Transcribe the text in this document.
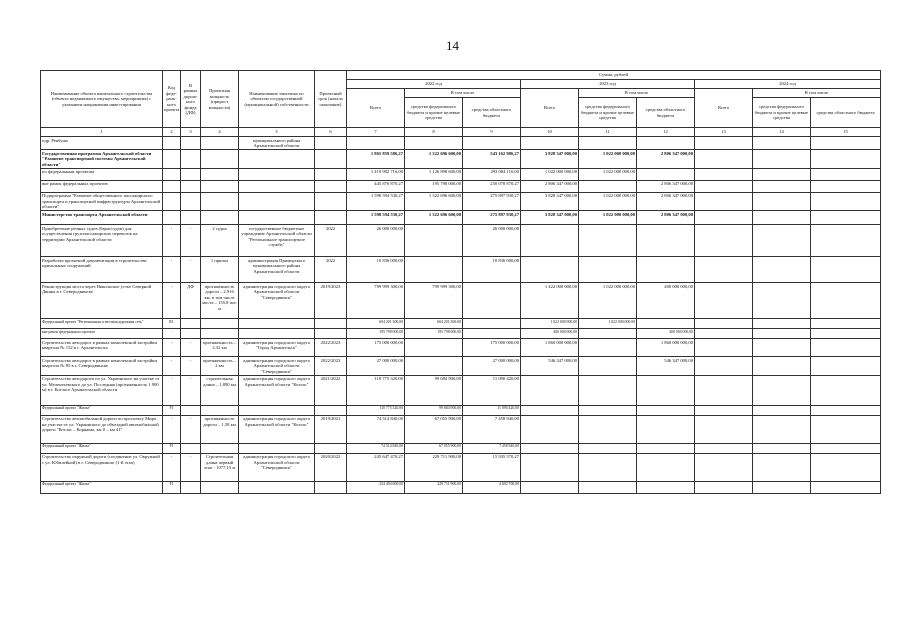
14
Наименование объекта капитального строительства (объекта недвижимого имущества, мероприятия) с указанием направления инвестирования	Код феде-раль-ного проекта	В рамках дорож-ного фонда (ДФ)	Проектная мощность (прирост мощности)	Наименование заказчика по объектам государственной (муниципальной) собственности	Проектный срок (начало окончание)	Сумма, рублей								
						2022 год			2023 год			2024 год		
						Всего	В том числе		Всего	В том числе		Всего	В том числе	
							средства федерального бюджета и прочие целевые средства	средства областного бюджета		средства федерального бюджета и прочие целевые средства	средства областного бюджета		средства федерального бюджета и прочие целевые средства	средства областного бюджета
1	2	3	4	5	6	7	8	9	10	11	12	13	14	15
пдр. Реябушо				муниципального района Архангельской области										
Государственная программа Архангельской области "Развитие транспортной системы Архангельской области"						1 865 859 586,27	1 322 696 600,00	543 162 986,27	3 828 347 000,00	1 022 000 000,00	2 806 347 000,00			
по федеральным проектам						1 419 982 716,00	1 126 898 600,00	293 084 116,00	1 022 000 000,00	1 022 000 000,00				
вне рамок федеральных проектов						445 876 870,27	195 798 000,00	250 078 870,27	2 806 347 000,00		2 806 347 000,00			
Подпрограмма "Развитие общественного пассажирского транспорта и транспортной инфраструктуры Архангельской области"						1 598 594 530,27	1 322 696 600,00	275 897 930,27	3 828 347 000,00	1 022 000 000,00	2 806 347 000,00			
Министерство транспорта Архангельской области						1 598 594 530,27	1 322 696 600,00	275 897 930,27	3 828 347 000,00	1 022 000 000,00	2 806 347 000,00			
Приобретение речных судов (барж/судов) для осуществления грузопассажирских перевозок на территории Архангельской области	-	-	2 судна	государственное бюджетное учреждение Архангельской области "Региональное транспортное служба"	2022	26 000 000,00		26 000 000,00						
Разработка проектной документации в строительстве причальных сооружений	-	-	1 причал	администрация Приморского муниципального района Архангельской области	2022	10 836 000,00		10 836 000,00						
Реконструкция моста через Никольское устье Северной Двины в г. Северодвинске	-	ДФ	протяженность дороги – 2,916 км, в том числе моста – 155,8 пог. м	администрация городского округа Архангельской области "Северодвинск"	2019/2023	799 999 300,00	799 999 300,00		1 422 000 000,00	1 022 000 000,00	400 000 000,00			
Федеральный проект "Региональная и местная дорожная сеть"	R1					604 201 300,00	604 201 300,00		1 022 000 000,00	1 022 000 000,00				
вне рамок федерального проекта	-					195 798 000,00	195 798 000,00		400 000 000,00		400 000 000,00			
Строительство автодорог в рамках комплексной застройки квартала № 152 в г. Архангельска	-	-	протяженность – 2,32 км	администрация городского округа "Город Архангельск"	2022/2023	175 000 000,00		175 000 000,00	1 860 000 000,00		1 860 000 000,00			
Строительство автодорог в рамках комплексной застройки квартала № 85 в г. Северодвинске	-	-	протяженность – 2 км	администрация городского округа Архангельской области "Северодвинск"	2022/2023	27 000 000,00		27 000 000,00	546 347 000,00		546 347 000,00			
Строительство автодороги по ул. Украинского на участке от ул. Мелентьевского до ул. Последняя (протяженность 1 900 м) в г. Котласе Архангельской области	-	-	строительная длина – 1,890 км	администрация городского округа Архангельской области "Котлас"	2021/2022	110 775 320,00	99 684 900,00	11 090 420,00						
Федеральный проект "Жилье"	F1					110 775 320,00	99 684 900,00	11 090 420,00						
Строительство автомобильной дороги по проспекту Мира на участке от ул. Украинского до объездной автомобильной дороги "Котлас – Коряжма, км 0 – км 41"	-	-	протяженность дороги – 1,58 км	администрация городского округа Архангельской области "Котлас"	2019/2021	74 514 840,00	67 055 900,00	7 458 940,00						
Федеральный проект "Жилье"	F1					74 514 840,00	67 055 900,00	7 458 940,00						
Строительство окружной дороги (соединение ул. Окружной с ул. Юбилейной) в г. Северодвинске (1-й этап)	-	-	Строительная длина первый этап - 1077,15 м	администрация городского округа Архангельской области "Северодвинск"	2020/2022	245 647 470,27	229 711 900,00	15 935 570,27						
Федеральный проект "Жилье"	F1					234 404 600,00	229 711 900,00	4 692 700,00						
